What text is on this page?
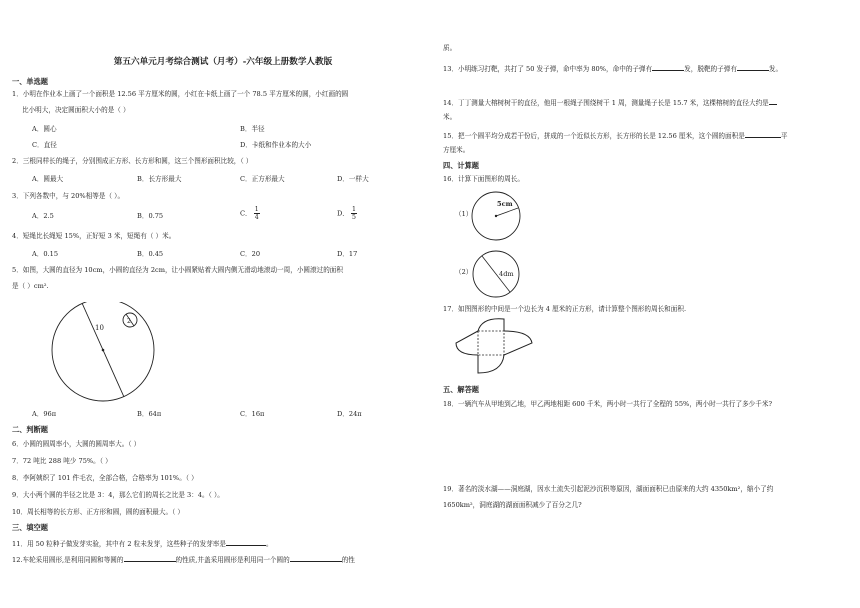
第五六单元月考综合测试（月考）-六年级上册数学人教版
一、单选题
1．小明在作业本上画了一个面积是 12.56 平方厘米的圆，小红在卡纸上画了一个 78.5 平方厘米的圆，小红画的圆
比小明大，决定圆面积大小的是（ ）
A．圆心	B．半径
C．直径	D．卡纸和作业本的大小
2．三根同样长的绳子，分别围成正方形、长方形和圆，这三个图形面积比较，（ ）
A．圆最大	B．长方形最大	C．正方形最大	D．一样大
3．下列各数中，与 20%相等是（ ）。
A．2.5	B．0.75	C． $\frac{1}{4}$	D． $\frac{1}{5}$
4．短绳比长绳短 15%，正好短 3 米，短绳有（ ）米。
A．0.15	B．0.45	C．20	D．17
5．如图，大圆的直径为 10cm，小圆的直径为 2cm，让小圆紧贴着大圆内侧无滑动地滚动一周，小圆滚过的面积
是（ ）cm².
10
2
A．96π	B．64π	C．16π	D．24π
二、判断题
6．小圆的圆周率小，大圆的圆周率大。（ ）
7．72 吨比 288 吨少 75%。（ ）
8．李阿姨织了 101 件毛衣，全部合格，合格率为 101%。（ ）
9．大小两个圆的半径之比是 3：4，那么它们的周长之比是 3：4。（ ）。
10．周长相等的长方形、正方形和圆，圆的面积最大。（ ）
三、填空题
11．用 50 粒种子做发芽实验，其中有 2 粒未发芽，这些种子的发芽率是	。
12.车轮采用圆形,是利用同圆和等圆的	的性质,井盖采用圆形是利用同一个圆的	的性
质。
13．小明练习打靶，共打了 50 发子弹，命中率为 80%，命中的子弹有	发，脱靶的子弹有	发。
14．丁丁测量大榕树树干的直径，他用一根绳子围绕树干 1 周，测量绳子长是 15.7 米，这棵榕树的直径大约是
米。
15．把一个圆平均分成若干份后，拼成的一个近似长方形，长方形的长是 12.56 厘米，这个圆的面积是	平
方厘米。
四、计算题
16．计算下面图形的周长。
（1）
5cm
（2）	4dm
17．如图图形的中间是一个边长为 4 厘米的正方形，请计算整个图形的周长和面积.
五、解答题
18．一辆汽车从甲地到乙地，甲乙两地相距 600 千米，两小时一共行了全程的 55%，两小时一共行了多少千米?
19．著名的淡水湖——洞庭湖，因水土流失引起泥沙沉积等原因，湖面面积已由原来的大约 4350km²，缩小了约
1650km²，洞庭湖的湖面面积减少了百分之几?
